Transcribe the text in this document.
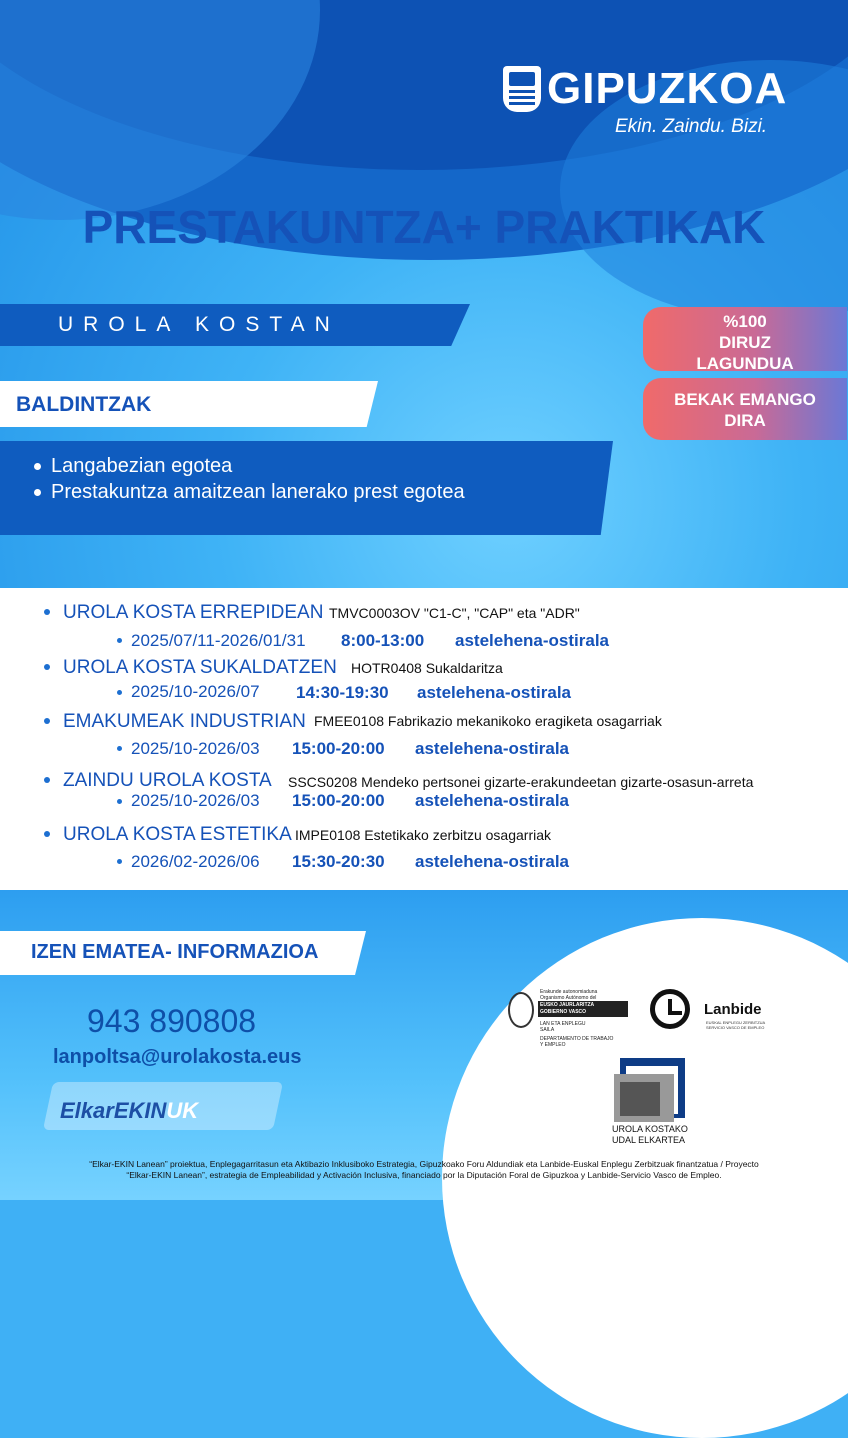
GIPUZKOA
Ekin. Zaindu. Bizi.
PRESTAKUNTZA+ PRAKTIKAK
UROLA KOSTAN
BALDINTZAK
Langabezian egotea
Prestakuntza amaitzean lanerako prest egotea
%100
DIRUZ
LAGUNDUA
BEKAK EMANGO
DIRA
UROLA KOSTA ERREPIDEAN TMVC0003OV "C1-C", "CAP" eta "ADR"
2025/07/11-2026/01/31 8:00-13:00 astelehena-ostirala
UROLA KOSTA SUKALDATZEN HOTR0408 Sukaldaritza
2025/10-2026/07 14:30-19:30 astelehena-ostirala
EMAKUMEAK INDUSTRIAN FMEE0108 Fabrikazio mekanikoko eragiketa osagarriak
2025/10-2026/03 15:00-20:00 astelehena-ostirala
ZAINDU UROLA KOSTA SSCS0208 Mendeko pertsonei gizarte-erakundeetan gizarte-osasun-arreta
2025/10-2026/03 15:00-20:00 astelehena-ostirala
UROLA KOSTA ESTETIKA IMPE0108 Estetikako zerbitzu osagarriak
2026/02-2026/06 15:30-20:30 astelehena-ostirala
IZEN EMATEA- INFORMAZIOA
943 890808
lanpoltsa@urolakosta.eus
ElkarEKINUK
Erakunde autonomiaduna
Organismo Autónomo del
EUSKO JAURLARITZA
GOBIERNO VASCO
LAN ETA ENPLEGU
SAILA
DEPARTAMENTO DE TRABAJO
Y EMPLEO
Lanbide
EUSKAL ENPLEGU ZERBITZUA SERVICIO VASCO DE EMPLEO
UROLA KOSTAKO
UDAL ELKARTEA
“Elkar-EKIN Lanean” proiektua, Enplegagarritasun eta Aktibazio Inklusiboko Estrategia, Gipuzkoako Foru Aldundiak eta Lanbide-Euskal Enplegu Zerbitzuak finantzatua / Proyecto “Elkar-EKIN Lanean”, estrategia de Empleabilidad y Activación Inclusiva, financiado por la Diputación Foral de Gipuzkoa y Lanbide-Servicio Vasco de Empleo.
